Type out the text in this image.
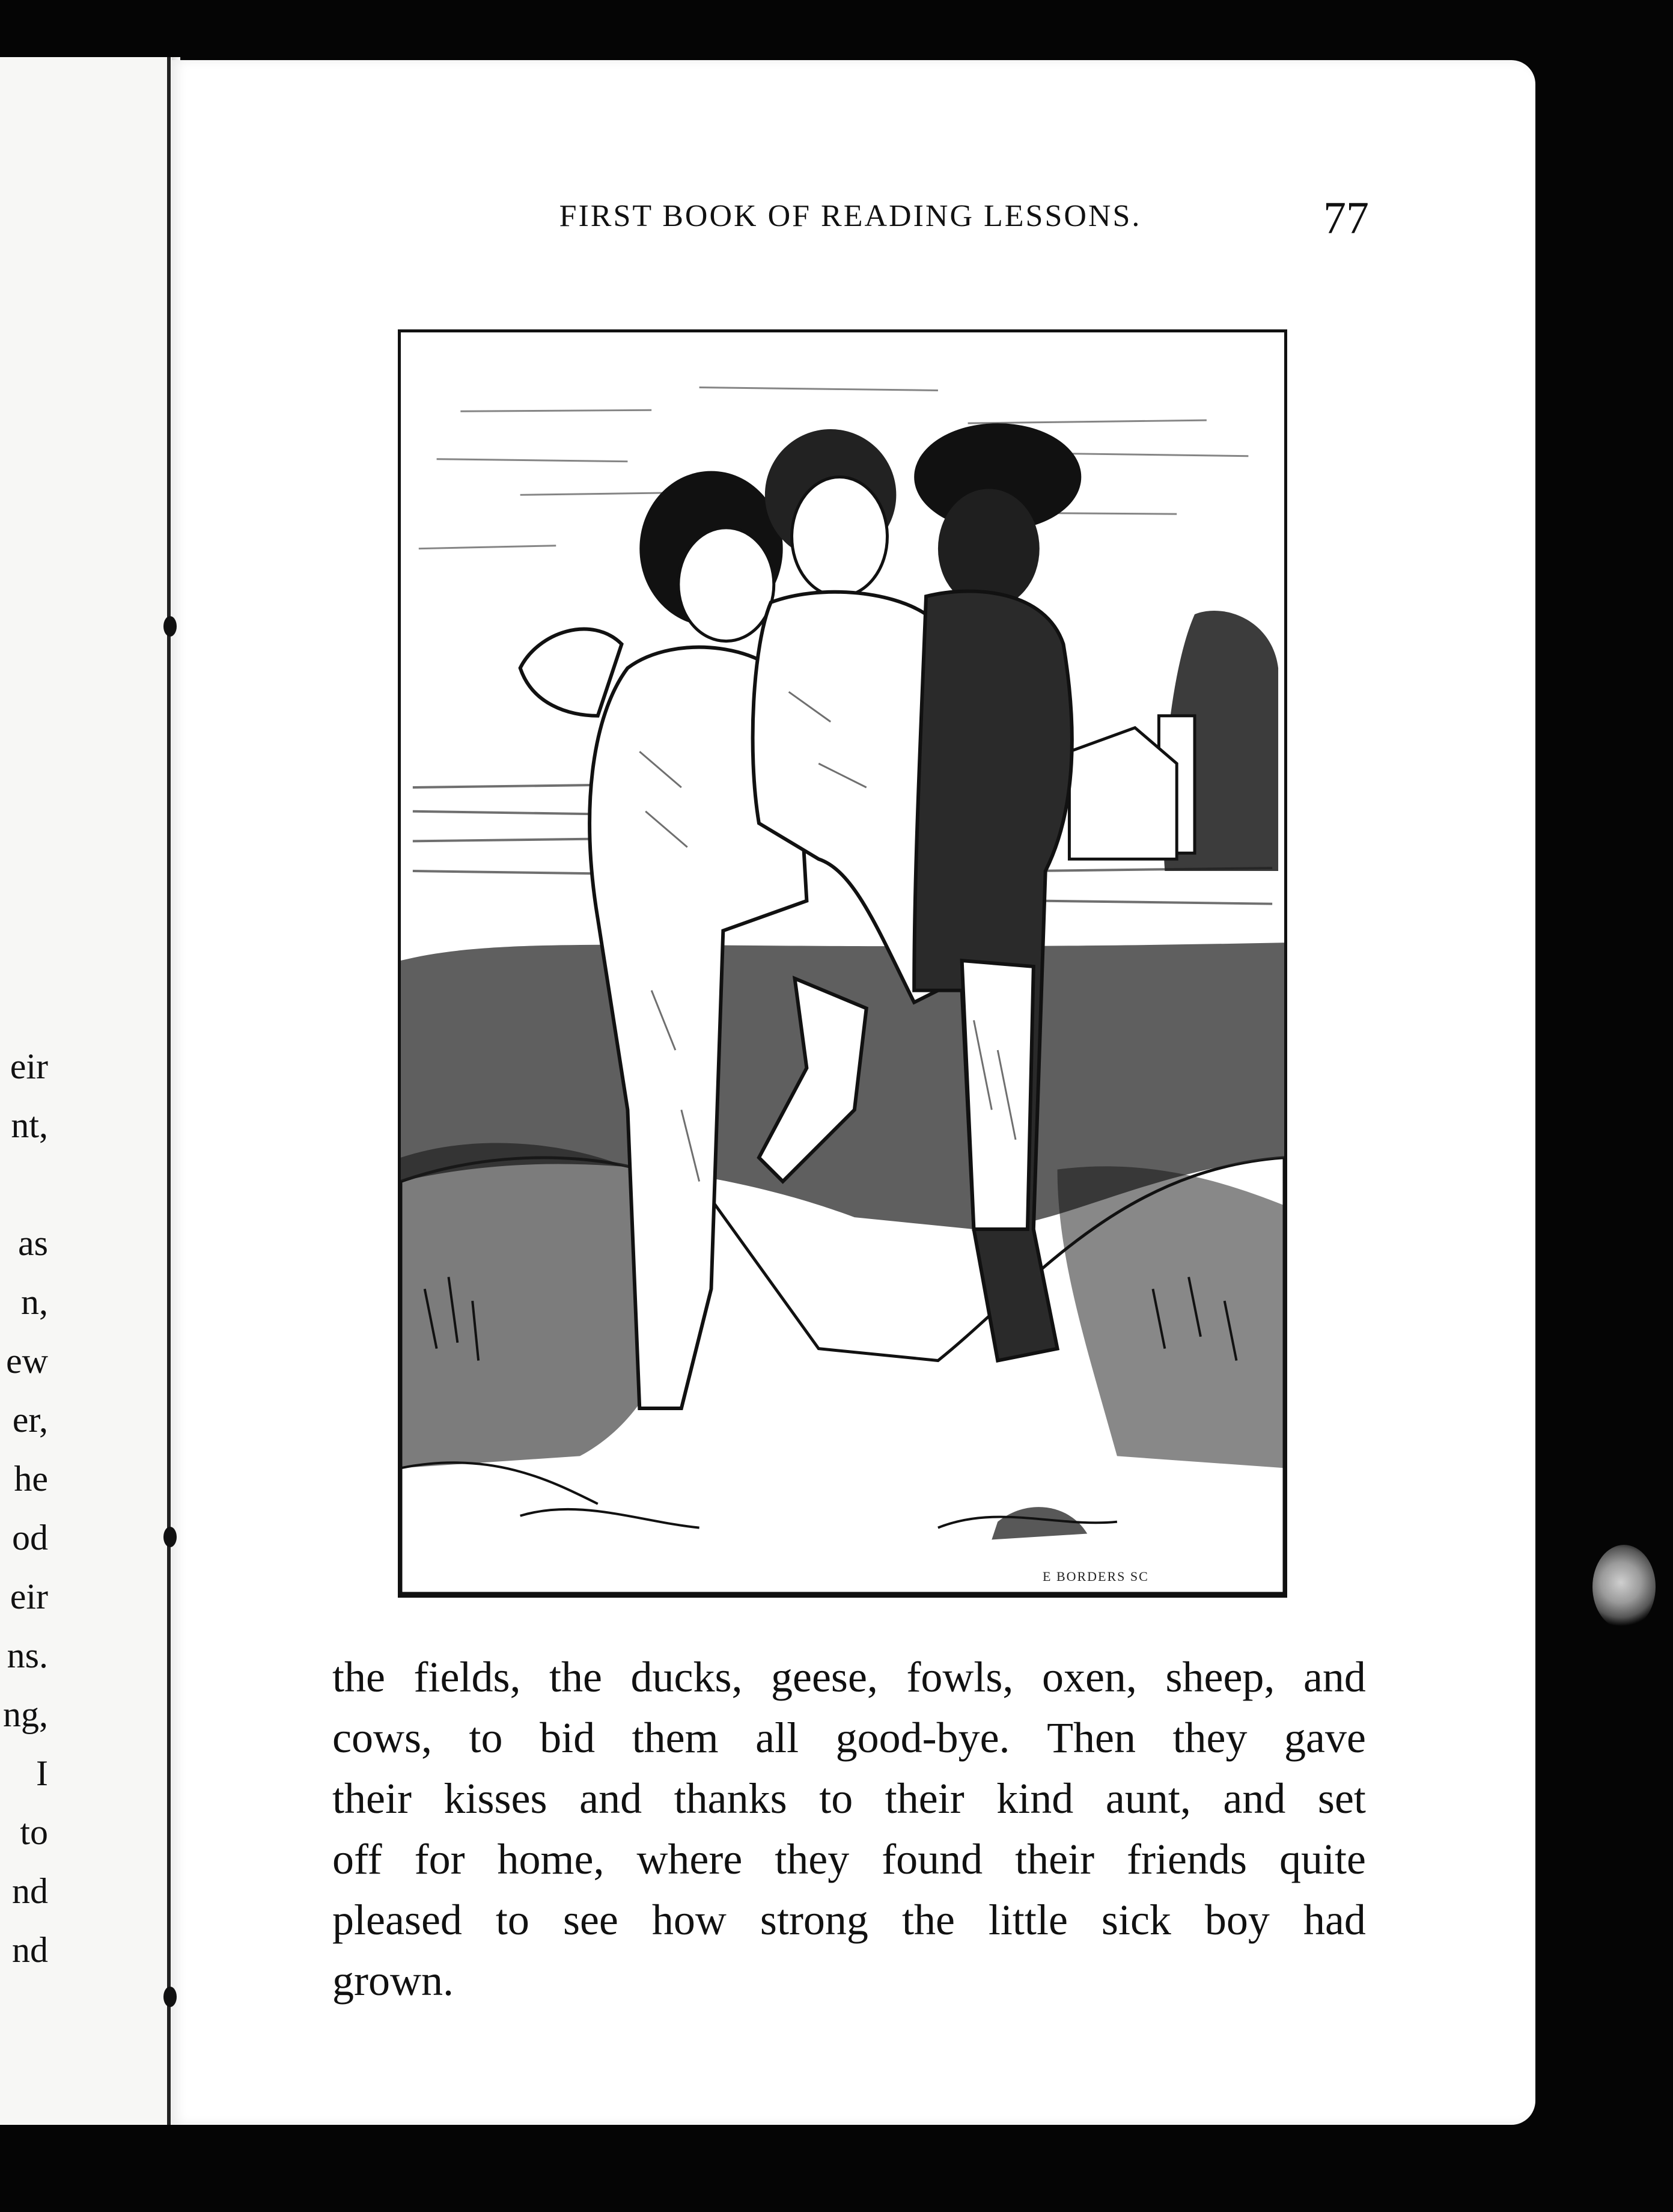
eir
nt,
as
n,
ew
er,
he
od
eir
ns.
ng,
I
to
nd
nd
FIRST BOOK OF READING LESSONS.	77
E BORDERS SC
the fields, the ducks, geese, fowls, oxen, sheep, and
cows, to bid them all good-bye. Then they gave
their kisses and thanks to their kind aunt, and set
off for home, where they found their friends quite
pleased to see how strong the little sick boy had
grown.
